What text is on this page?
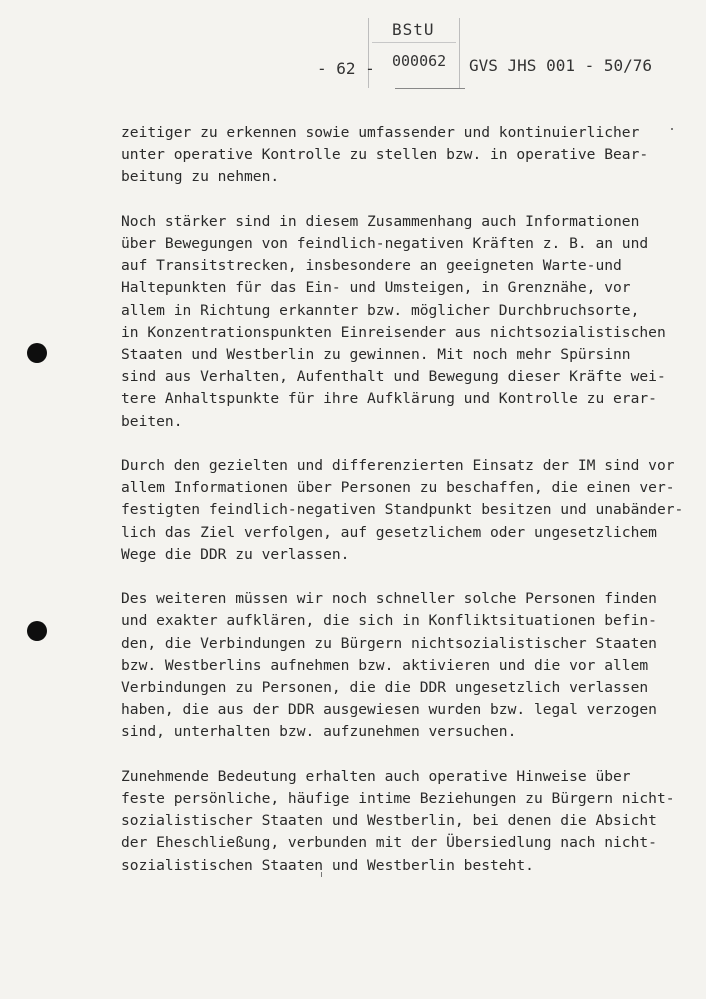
BStU
000062
- 62 -	GVS JHS 001 - 50/76

zeitiger zu erkennen sowie umfassender und kontinuierlicher
unter operative Kontrolle zu stellen bzw. in operative Bear-
beitung zu nehmen.

Noch stärker sind in diesem Zusammenhang auch Informationen
über Bewegungen von feindlich-negativen Kräften z. B. an und
auf Transitstrecken, insbesondere an geeigneten Warte-und
Haltepunkten für das Ein- und Umsteigen, in Grenznähe, vor
allem in Richtung erkannter bzw. möglicher Durchbruchsorte,
in Konzentrationspunkten Einreisender aus nichtsozialistischen
Staaten und Westberlin zu gewinnen. Mit noch mehr Spürsinn
sind aus Verhalten, Aufenthalt und Bewegung dieser Kräfte wei-
tere Anhaltspunkte für ihre Aufklärung und Kontrolle zu erar-
beiten.

Durch den gezielten und differenzierten Einsatz der IM sind vor
allem Informationen über Personen zu beschaffen, die einen ver-
festigten feindlich-negativen Standpunkt besitzen und unabänder-
lich das Ziel verfolgen, auf gesetzlichem oder ungesetzlichem
Wege die DDR zu verlassen.

Des weiteren müssen wir noch schneller solche Personen finden
und exakter aufklären, die sich in Konfliktsituationen befin-
den, die Verbindungen zu Bürgern nichtsozialistischer Staaten
bzw. Westberlins aufnehmen bzw. aktivieren und die vor allem
Verbindungen zu Personen, die die DDR ungesetzlich verlassen
haben, die aus der DDR ausgewiesen wurden bzw. legal verzogen
sind, unterhalten bzw. aufzunehmen versuchen.

Zunehmende Bedeutung erhalten auch operative Hinweise über
feste persönliche, häufige intime Beziehungen zu Bürgern nicht-
sozialistischer Staaten und Westberlin, bei denen die Absicht
der Eheschließung, verbunden mit der Übersiedlung nach nicht-
sozialistischen Staaten und Westberlin besteht.
